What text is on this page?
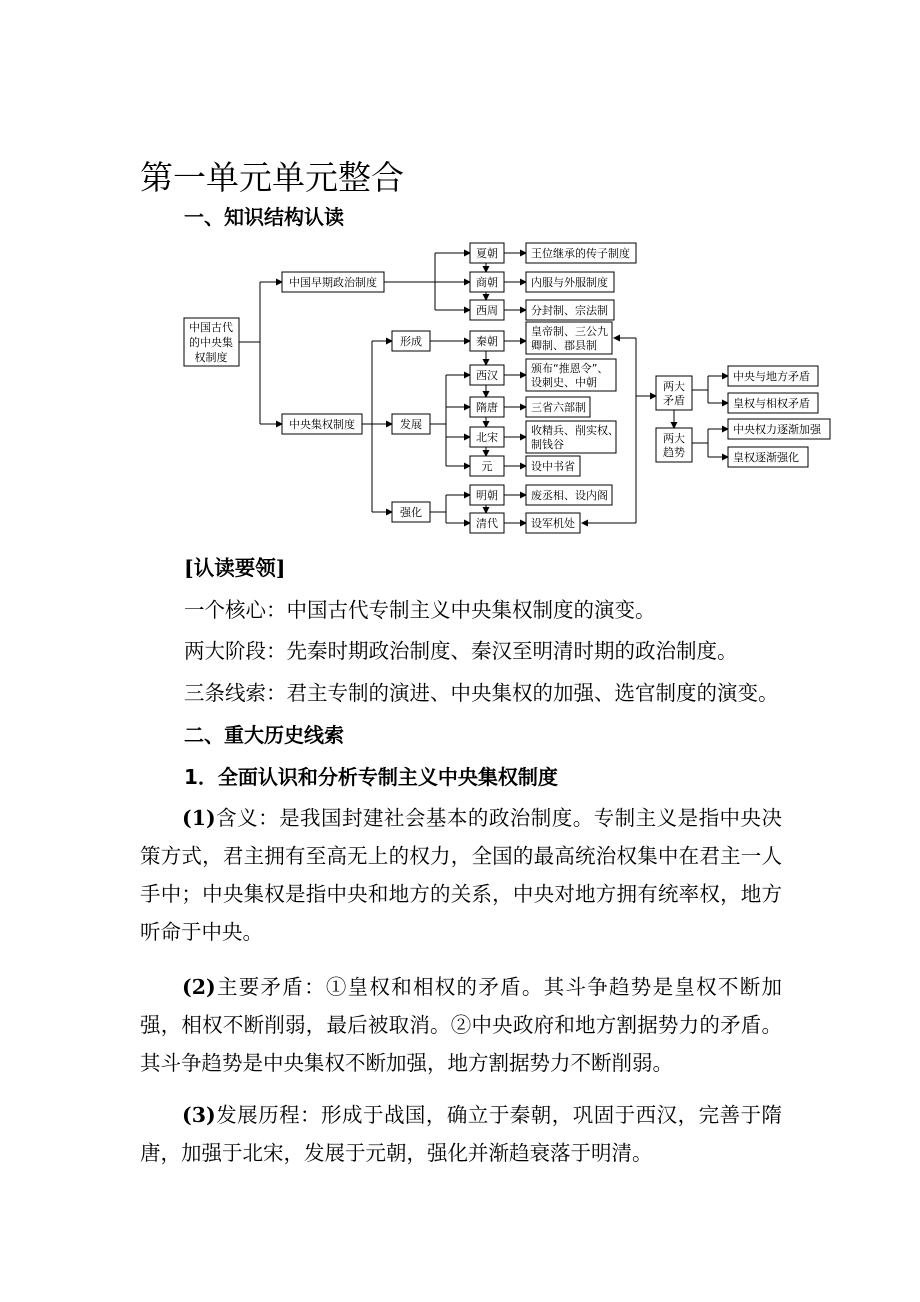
第一单元单元整合
一、知识结构认读
中国古代
的中央集
权制度
中国早期政治制度
中央集权制度
形成
发展
强化
夏朝
商朝
西周
秦朝
西汉
隋唐
北宋
元
明朝
清代
王位继承的传子制度
内服与外服制度
分封制、宗法制
皇帝制、三公九
卿制、郡县制
颁布“推恩令”、
设刺史、中朝
三省六部制
收精兵、削实权、
制钱谷
设中书省
废丞相、设内阁
设军机处
两大
矛盾
两大
趋势
中央与地方矛盾
皇权与相权矛盾
中央权力逐渐加强
皇权逐渐强化
[认读要领]
一个核心：中国古代专制主义中央集权制度的演变。
两大阶段：先秦时期政治制度、秦汉至明清时期的政治制度。
三条线索：君主专制的演进、中央集权的加强、选官制度的演变。
二、重大历史线索
1．全面认识和分析专制主义中央集权制度
(1)含义：是我国封建社会基本的政治制度。专制主义是指中央决策方式，君主拥有至高无上的权力，全国的最高统治权集中在君主一人手中；中央集权是指中央和地方的关系，中央对地方拥有统率权，地方听命于中央。
(2)主要矛盾：①皇权和相权的矛盾。其斗争趋势是皇权不断加强，相权不断削弱，最后被取消。②中央政府和地方割据势力的矛盾。其斗争趋势是中央集权不断加强，地方割据势力不断削弱。
(3)发展历程：形成于战国，确立于秦朝，巩固于西汉，完善于隋唐，加强于北宋，发展于元朝，强化并渐趋衰落于明清。
